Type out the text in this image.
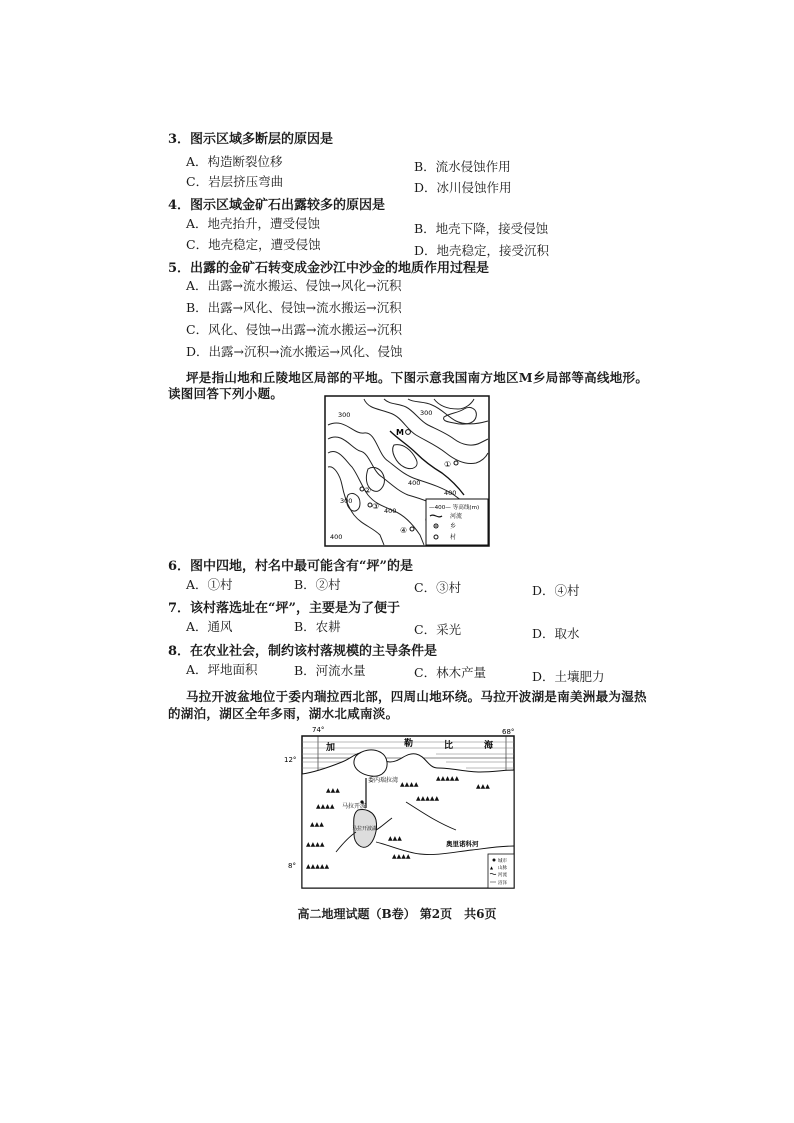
3．图示区域多断层的原因是
A．构造断裂位移	B．流水侵蚀作用
C．岩层挤压弯曲	D．冰川侵蚀作用
4．图示区域金矿石出露较多的原因是
A．地壳抬升，遭受侵蚀	B．地壳下降，接受侵蚀
C．地壳稳定，遭受侵蚀	D．地壳稳定，接受沉积
5．出露的金矿石转变成金沙江中沙金的地质作用过程是
A．出露→流水搬运、侵蚀→风化→沉积
B．出露→风化、侵蚀→流水搬运→沉积
C．风化、侵蚀→出露→流水搬运→沉积
D．出露→沉积→流水搬运→风化、侵蚀
坪是指山地和丘陵地区局部的平地。下图示意我国南方地区M乡局部等高线地形。
读图回答下列小题。
300	300
300
400
400
400
400
M
①
②
③
④
—400— 等高线(m)
河流
乡
村
6．图中四地，村名中最可能含有“坪”的是
A．①村	B．②村	C．③村	D．④村
7．该村落选址在“坪”，主要是为了便于
A．通风	B．农耕	C．采光	D．取水
8．在农业社会，制约该村落规模的主导条件是
A．坪地面积	B．河流水量	C．林木产量	D．土壤肥力
马拉开波盆地位于委内瑞拉西北部，四周山地环绕。马拉开波湖是南美洲最为湿热
的湖泊，湖区全年多雨，湖水北咸南淡。
74°	68°
12°
加	勒	比	海
▲▲▲
▲▲▲▲
▲▲▲
▲▲▲▲
▲▲▲▲▲
▲▲▲▲
▲▲▲▲▲
▲▲▲▲▲
▲▲▲
▲▲▲
▲▲▲▲
委内瑞拉湾
马拉开波
马拉开波湖
奥里诺科河
城市
▲ 山脉
河流
沼泽
8°
高二地理试题（B卷） 第2页　共6页
